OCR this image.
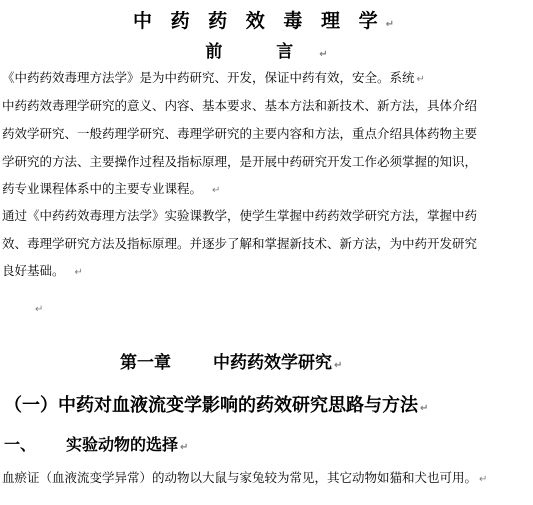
中 药 药 效 毒 理 学 ↵
前 言 ↵
《中药药效毒理方法学》是为中药研究、开发，保证中药有效，安全。系统 ↵
中药药效毒理学研究的意义、内容、基本要求、基本方法和新技术、新方法，具体介绍
药效学研究、一般药理学研究、毒理学研究的主要内容和方法，重点介绍具体药物主要
学研究的方法、主要操作过程及指标原理，是开展中药研究开发工作必须掌握的知识，
药专业课程体系中的主要专业课程。 ↵
通过《中药药效毒理方法学》实验课教学，使学生掌握中药药效学研究方法，掌握中药
效、毒理学研究方法及指标原理。并逐步了解和掌握新技术、新方法，为中药开发研究
良好基础。 ↵
↵
第一章 中药药效学研究 ↵
（一）中药对血液流变学影响的药效研究思路与方法 ↵
一、 实验动物的选择 ↵
血瘀证（血液流变学异常）的动物以大鼠与家兔较为常见，其它动物如猫和犬也可用。 ↵
